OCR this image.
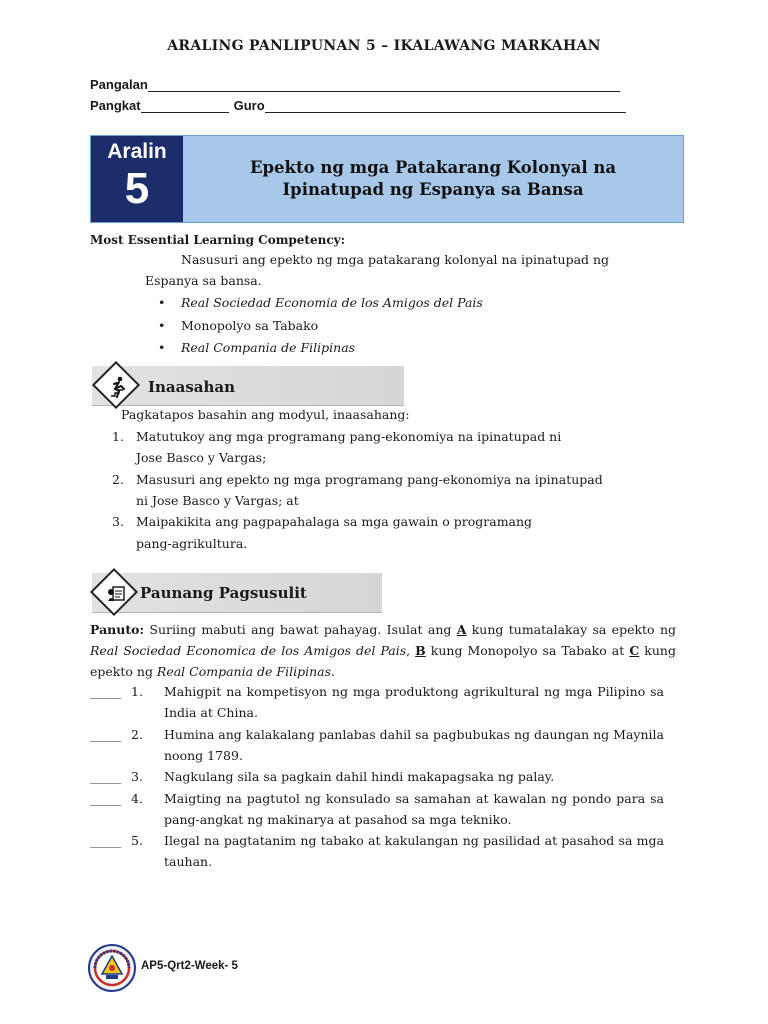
ARALING PANLIPUNAN 5 – IKALAWANG MARKAHAN
Pangalan
Pangkat	Guro
Aralin
5	Epekto ng mga Patakarang Kolonyal na
Ipinatupad ng Espanya sa Bansa
Most Essential Learning Competency:
Nasusuri ang epekto ng mga patakarang kolonyal na ipinatupad ng
Espanya sa bansa.
• Real Sociedad Economia de los Amigos del Pais
• Monopolyo sa Tabako
• Real Compania de Filipinas
Inaasahan
Pagkatapos basahin ang modyul, inaasahang:
1. Matutukoy ang mga programang pang-ekonomiya na ipinatupad ni
Jose Basco y Vargas;
2. Masusuri ang epekto ng mga programang pang-ekonomiya na ipinatupad
ni Jose Basco y Vargas; at
3. Maipakikita ang pagpapahalaga sa mga gawain o programang
pang-agrikultura.
Paunang Pagsusulit
Panuto: Suriing mabuti ang bawat pahayag. Isulat ang A kung tumatalakay sa epekto ng Real Sociedad Economica de los Amigos del Pais, B kung Monopolyo sa Tabako at C kung epekto ng Real Compania de Filipinas.
_____ 1. Mahigpit na kompetisyon ng mga produktong agrikultural ng mga Pilipino sa India at China.
_____ 2. Humina ang kalakalang panlabas dahil sa pagbubukas ng daungan ng Maynila noong 1789.
_____ 3. Nagkulang sila sa pagkain dahil hindi makapagsaka ng palay.
_____ 4. Maigting na pagtutol ng konsulado sa samahan at kawalan ng pondo para sa pang-angkat ng makinarya at pasahod sa mga tekniko.
_____ 5. Ilegal na pagtatanim ng tabako at kakulangan ng pasilidad at pasahod sa mga tauhan.
AP5-Qrt2-Week- 5
